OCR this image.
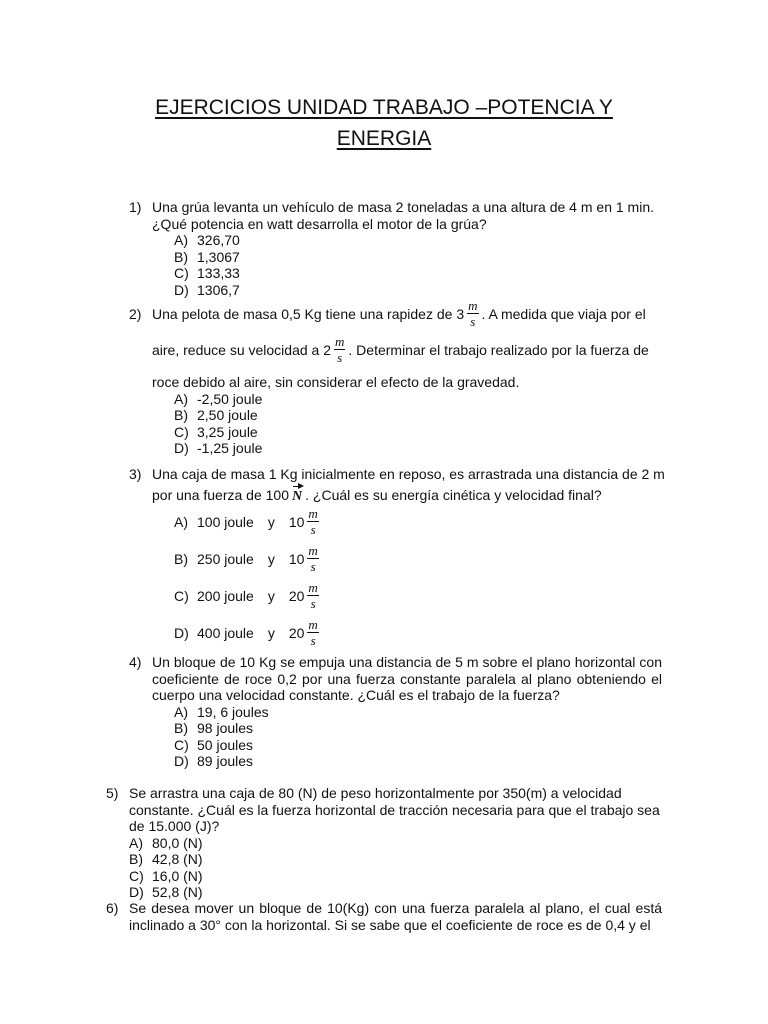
EJERCICIOS UNIDAD TRABAJO –POTENCIA Y
ENERGIA
1) Una grúa levanta un vehículo de masa 2 toneladas a una altura de 4 m en 1 min. ¿Qué potencia en watt desarrolla el motor de la grúa?
A) 326,70
B) 1,3067
C) 133,33
D) 1306,7
2) Una pelota de masa 0,5 Kg tiene una rapidez de $3 \frac{m}{s}$ . A medida que viaja por el
aire, reduce su velocidad a $2 \frac{m}{s}$ . Determinar el trabajo realizado por la fuerza de
roce debido al aire, sin considerar el efecto de la gravedad.
A) -2,50 joule
B) 2,50 joule
C) 3,25 joule
D) -1,25 joule
3) Una caja de masa 1 Kg inicialmente en reposo, es arrastrada una distancia de 2 m
por una fuerza de 100 N . ¿Cuál es su energía cinética y velocidad final?
A) 100 joule y $10 \frac{m}{s}$
B) 250 joule y $10 \frac{m}{s}$
C) 200 joule y $20 \frac{m}{s}$
D) 400 joule y $20 \frac{m}{s}$
4) Un bloque de 10 Kg se empuja una distancia de 5 m sobre el plano horizontal con coeficiente de roce 0,2 por una fuerza constante paralela al plano obteniendo el cuerpo una velocidad constante. ¿Cuál es el trabajo de la fuerza?
A) 19, 6 joules
B) 98 joules
C) 50 joules
D) 89 joules
5) Se arrastra una caja de 80 (N) de peso horizontalmente por 350(m) a velocidad constante. ¿Cuál es la fuerza horizontal de tracción necesaria para que el trabajo sea de 15.000 (J)?
A) 80,0 (N)
B) 42,8 (N)
C) 16,0 (N)
D) 52,8 (N)
6) Se desea mover un bloque de 10(Kg) con una fuerza paralela al plano, el cual está inclinado a 30° con la horizontal. Si se sabe que el coeficiente de roce es de 0,4 y el
